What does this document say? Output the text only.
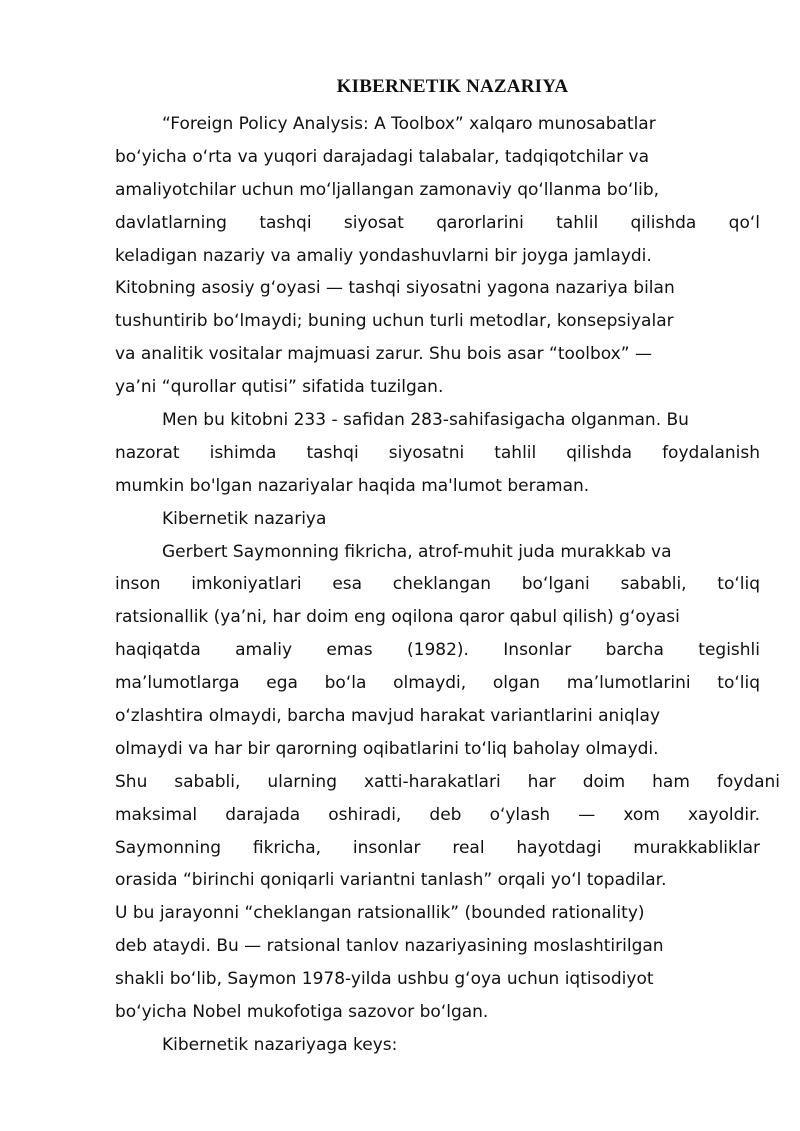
KIBERNETIK NAZARIYA
“Foreign Policy Analysis: A Toolbox” xalqaro munosabatlar
bo‘yicha o‘rta va yuqori darajadagi talabalar, tadqiqotchilar va
amaliyotchilar uchun mo‘ljallangan zamonaviy qo‘llanma bo‘lib,
davlatlarning tashqi siyosat qarorlarini tahlil qilishda qo‘l
keladigan nazariy va amaliy yondashuvlarni bir joyga jamlaydi.
Kitobning asosiy g‘oyasi — tashqi siyosatni yagona nazariya bilan
tushuntirib bo‘lmaydi; buning uchun turli metodlar, konsepsiyalar
va analitik vositalar majmuasi zarur. Shu bois asar “toolbox” —
ya’ni “qurollar qutisi” sifatida tuzilgan.
Men bu kitobni 233 - safidan 283-sahifasigacha olganman. Bu
nazorat ishimda tashqi siyosatni tahlil qilishda foydalanish
mumkin bo'lgan nazariyalar haqida ma'lumot beraman.
Kibernetik nazariya
Gerbert Saymonning fikricha, atrof-muhit juda murakkab va
inson imkoniyatlari esa cheklangan bo‘lgani sababli, to‘liq
ratsionallik (ya’ni, har doim eng oqilona qaror qabul qilish) g‘oyasi
haqiqatda amaliy emas (1982). Insonlar barcha tegishli
ma’lumotlarga ega bo‘la olmaydi, olgan ma’lumotlarini to‘liq
o‘zlashtira olmaydi, barcha mavjud harakat variantlarini aniqlay
olmaydi va har bir qarorning oqibatlarini to‘liq baholay olmaydi.
Shu sababli, ularning xatti-harakatlari har doim ham foydani
maksimal darajada oshiradi, deb o‘ylash — xom xayoldir.
Saymonning fikricha, insonlar real hayotdagi murakkabliklar
orasida “birinchi qoniqarli variantni tanlash” orqali yo‘l topadilar.
U bu jarayonni “cheklangan ratsionallik” (bounded rationality)
deb ataydi. Bu — ratsional tanlov nazariyasining moslashtirilgan
shakli bo‘lib, Saymon 1978-yilda ushbu g‘oya uchun iqtisodiyot
bo‘yicha Nobel mukofotiga sazovor bo‘lgan.
Kibernetik nazariyaga keys:
